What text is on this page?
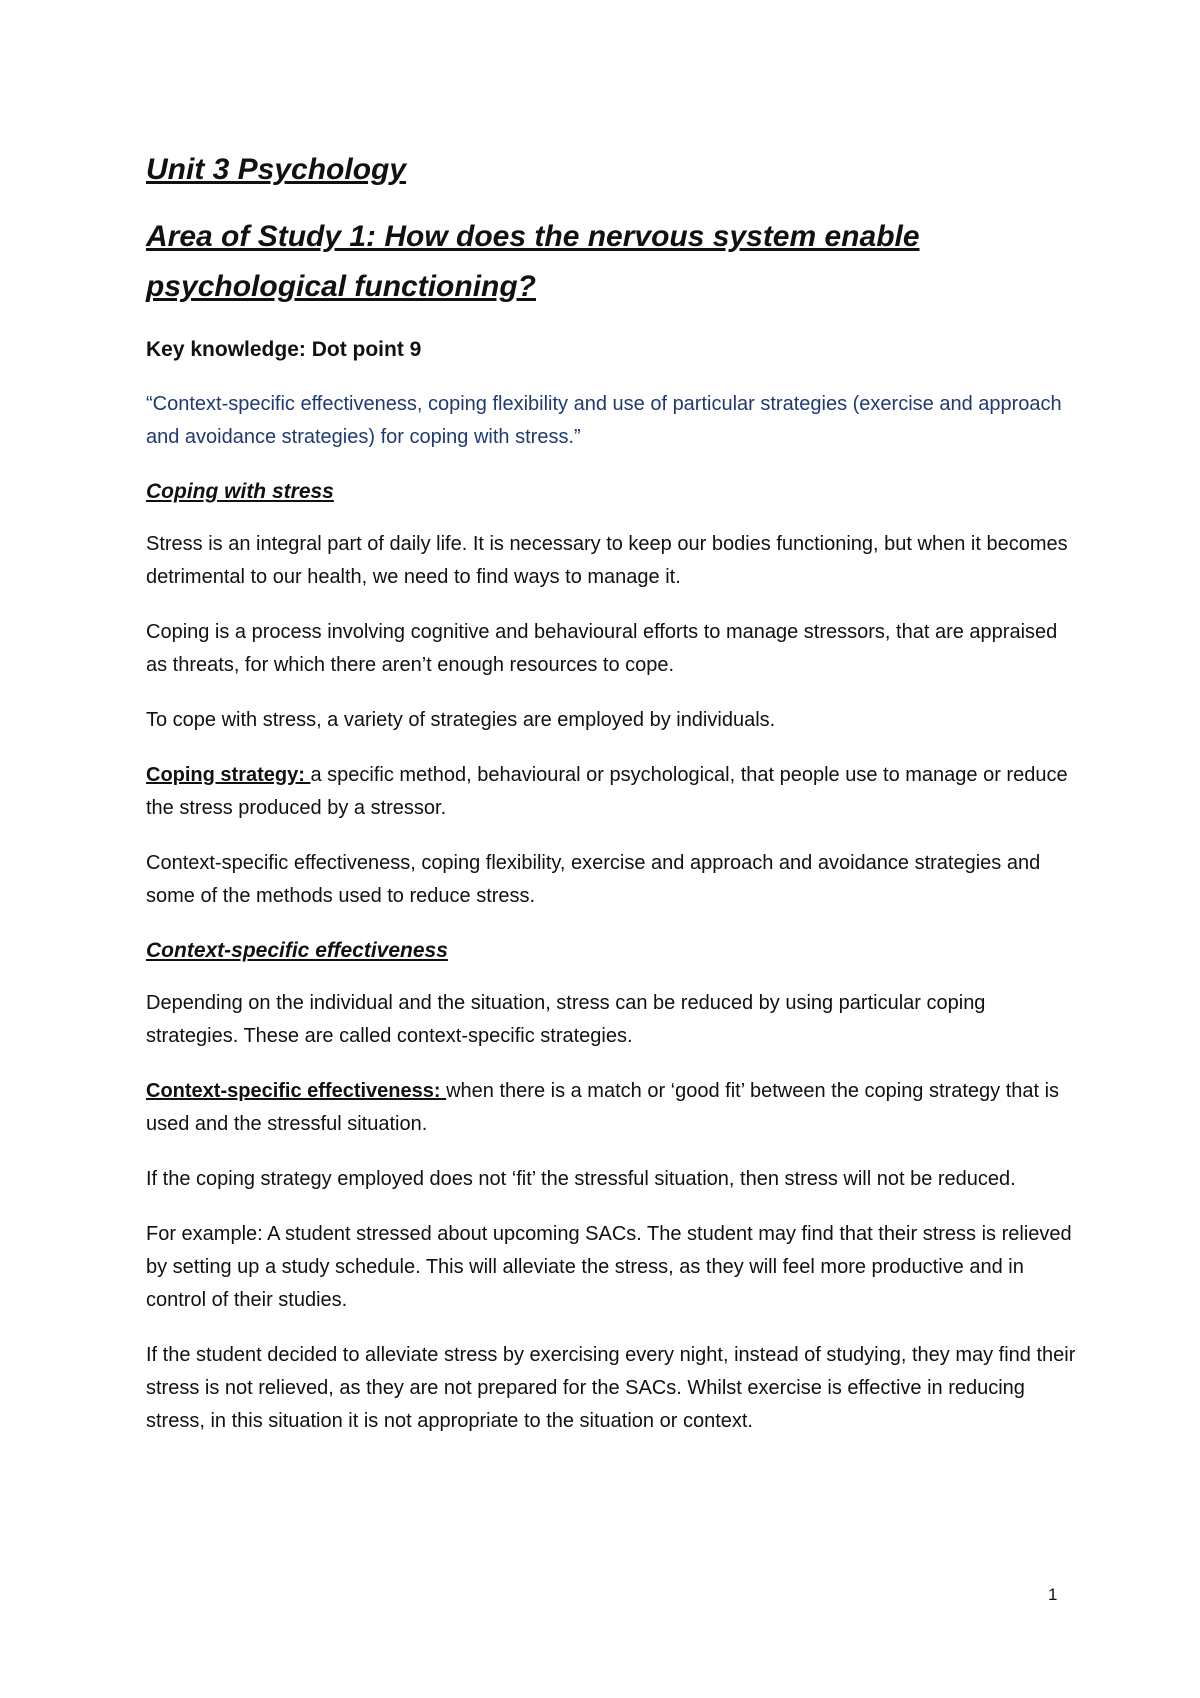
Unit 3 Psychology
Area of Study 1: How does the nervous system enable psychological functioning?
Key knowledge: Dot point 9
“Context-specific effectiveness, coping flexibility and use of particular strategies (exercise and approach and avoidance strategies) for coping with stress.”
Coping with stress

Stress is an integral part of daily life. It is necessary to keep our bodies functioning, but when it becomes detrimental to our health, we need to find ways to manage it.

Coping is a process involving cognitive and behavioural efforts to manage stressors, that are appraised as threats, for which there aren’t enough resources to cope.

To cope with stress, a variety of strategies are employed by individuals.

Coping strategy: a specific method, behavioural or psychological, that people use to manage or reduce the stress produced by a stressor.

Context-specific effectiveness, coping flexibility, exercise and approach and avoidance strategies and some of the methods used to reduce stress.

Context-specific effectiveness

Depending on the individual and the situation, stress can be reduced by using particular coping strategies. These are called context-specific strategies.

Context-specific effectiveness: when there is a match or ‘good fit’ between the coping strategy that is used and the stressful situation.

If the coping strategy employed does not ‘fit’ the stressful situation, then stress will not be reduced.

For example: A student stressed about upcoming SACs. The student may find that their stress is relieved by setting up a study schedule. This will alleviate the stress, as they will feel more productive and in control of their studies.

If the student decided to alleviate stress by exercising every night, instead of studying, they may find their stress is not relieved, as they are not prepared for the SACs. Whilst exercise is effective in reducing stress, in this situation it is not appropriate to the situation or context.

1
